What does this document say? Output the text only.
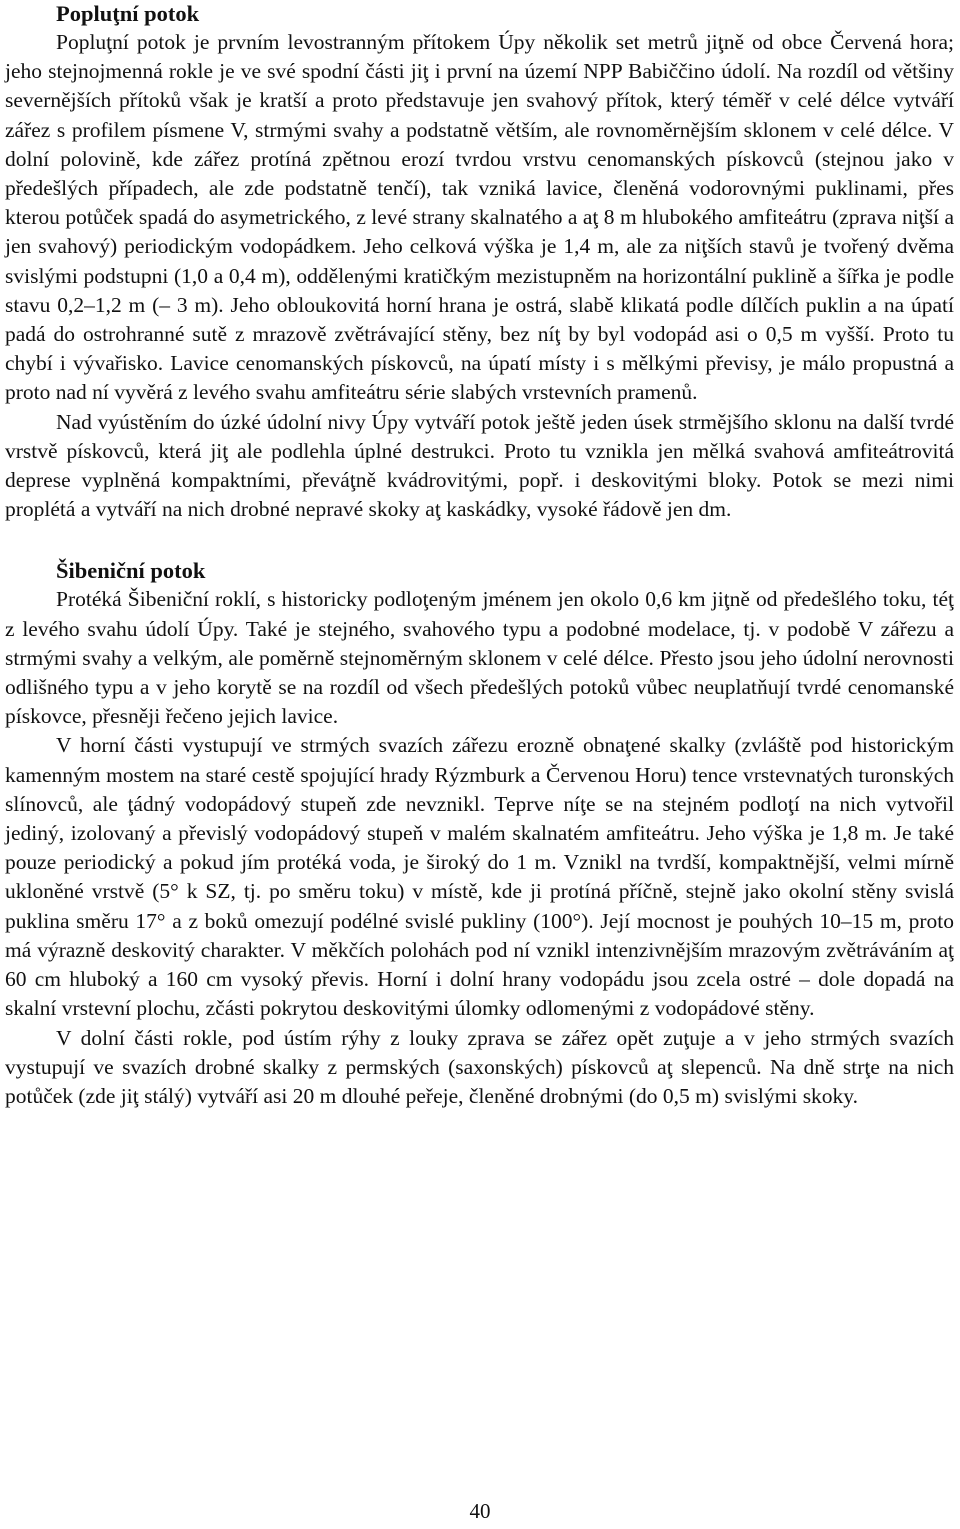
Popluţní potok

Popluţní potok je prvním levostranným přítokem Úpy několik set metrů jiţně od obce Červená hora; jeho stejnojmenná rokle je ve své spodní části jiţ i první na území NPP Babiččino údolí. Na rozdíl od většiny severnějších přítoků však je kratší a proto představuje jen svahový přítok, který téměř v celé délce vytváří zářez s profilem písmene V, strmými svahy a podstatně větším, ale rovnoměrnějším sklonem v celé délce. V dolní polovině, kde zářez protíná zpětnou erozí tvrdou vrstvu cenomanských pískovců (stejnou jako v předešlých případech, ale zde podstatně tenčí), tak vzniká lavice, členěná vodorovnými puklinami, přes kterou potůček spadá do asymetrického, z levé strany skalnatého a aţ 8 m hlubokého amfiteátru (zprava niţší a jen svahový) periodickým vodopádkem. Jeho celková výška je 1,4 m, ale za niţších stavů je tvořený dvěma svislými podstupni (1,0 a 0,4 m), oddělenými kratičkým mezistupněm na horizontální puklině a šířka je podle stavu 0,2–1,2 m (– 3 m). Jeho obloukovitá horní hrana je ostrá, slabě klikatá podle dílčích puklin a na úpatí padá do ostrohranné sutě z mrazově zvětrávající stěny, bez níţ by byl vodopád asi o 0,5 m vyšší. Proto tu chybí i vývařisko. Lavice cenomanských pískovců, na úpatí místy i s mělkými převisy, je málo propustná a proto nad ní vyvěrá z levého svahu amfiteátru série slabých vrstevních pramenů.

Nad vyústěním do úzké údolní nivy Úpy vytváří potok ještě jeden úsek strmějšího sklonu na další tvrdé vrstvě pískovců, která jiţ ale podlehla úplné destrukci. Proto tu vznikla jen mělká svahová amfiteátrovitá deprese vyplněná kompaktními, převáţně kvádrovitými, popř. i deskovitými bloky. Potok se mezi nimi proplétá a vytváří na nich drobné nepravé skoky aţ kaskádky, vysoké řádově jen dm.

Šibeniční potok

Protéká Šibeniční roklí, s historicky podloţeným jménem jen okolo 0,6 km jiţně od předešlého toku, téţ z levého svahu údolí Úpy. Také je stejného, svahového typu a podobné modelace, tj. v podobě V zářezu a strmými svahy a velkým, ale poměrně stejnoměrným sklonem v celé délce. Přesto jsou jeho údolní nerovnosti odlišného typu a v jeho korytě se na rozdíl od všech předešlých potoků vůbec neuplatňují tvrdé cenomanské pískovce, přesněji řečeno jejich lavice.

V horní části vystupují ve strmých svazích zářezu erozně obnaţené skalky (zvláště pod historickým kamenným mostem na staré cestě spojující hrady Rýzmburk a Červenou Horu) tence vrstevnatých turonských slínovců, ale ţádný vodopádový stupeň zde nevznikl. Teprve níţe se na stejném podloţí na nich vytvořil jediný, izolovaný a převislý vodopádový stupeň v malém skalnatém amfiteátru. Jeho výška je 1,8 m. Je také pouze periodický a pokud jím protéká voda, je široký do 1 m. Vznikl na tvrdší, kompaktnější, velmi mírně ukloněné vrstvě (5° k SZ, tj. po směru toku) v místě, kde ji protíná příčně, stejně jako okolní stěny svislá puklina směru 17° a z boků omezují podélné svislé pukliny (100°). Její mocnost je pouhých 10–15 m, proto má výrazně deskovitý charakter. V měkčích polohách pod ní vznikl intenzivnějším mrazovým zvětráváním aţ 60 cm hluboký a 160 cm vysoký převis. Horní i dolní hrany vodopádu jsou zcela ostré – dole dopadá na skalní vrstevní plochu, zčásti pokrytou deskovitými úlomky odlomenými z vodopádové stěny.

V dolní části rokle, pod ústím rýhy z louky zprava se zářez opět zuţuje a v jeho strmých svazích vystupují ve svazích drobné skalky z permských (saxonských) pískovců aţ slepenců. Na dně strţe na nich potůček (zde jiţ stálý) vytváří asi 20 m dlouhé peřeje, členěné drobnými (do 0,5 m) svislými skoky.

40
